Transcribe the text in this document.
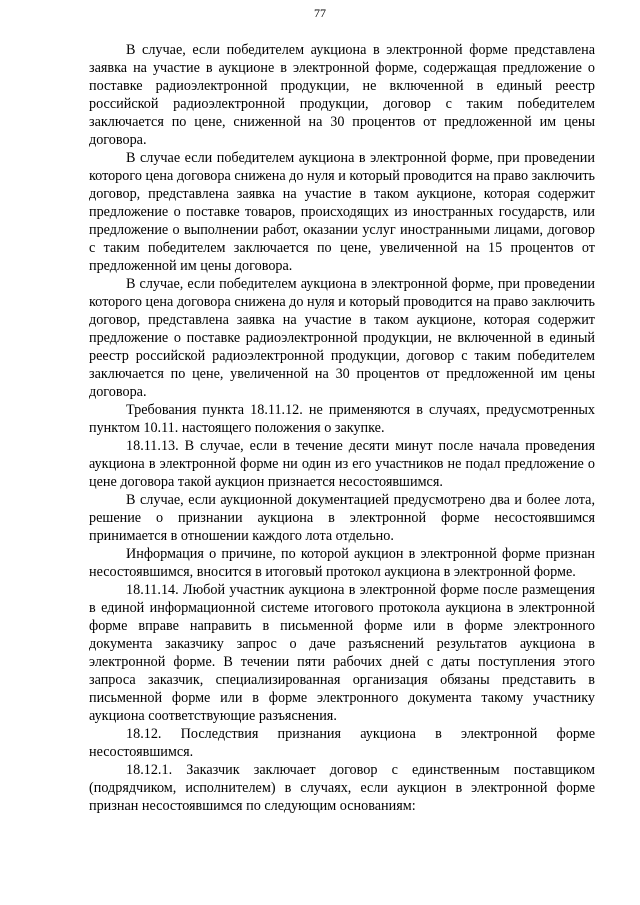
77

В случае, если победителем аукциона в электронной форме представлена заявка на участие в аукционе в электронной форме, содержащая предложение о поставке радиоэлектронной продукции, не включенной в единый реестр российской радиоэлектронной продукции, договор с таким победителем заключается по цене, сниженной на 30 процентов от предложенной им цены договора.

В случае если победителем аукциона в электронной форме, при проведении которого цена договора снижена до нуля и который проводится на право заключить договор, представлена заявка на участие в таком аукционе, которая содержит предложение о поставке товаров, происходящих из иностранных государств, или предложение о выполнении работ, оказании услуг иностранными лицами, договор с таким победителем заключается по цене, увеличенной на 15 процентов от предложенной им цены договора.

В случае, если победителем аукциона в электронной форме, при проведении которого цена договора снижена до нуля и который проводится на право заключить договор, представлена заявка на участие в таком аукционе, которая содержит предложение о поставке радиоэлектронной продукции, не включенной в единый реестр российской радиоэлектронной продукции, договор с таким победителем заключается по цене, увеличенной на 30 процентов от предложенной им цены договора.

Требования пункта 18.11.12. не применяются в случаях, предусмотренных пунктом 10.11. настоящего положения о закупке.

18.11.13. В случае, если в течение десяти минут после начала проведения аукциона в электронной форме ни один из его участников не подал предложение о цене договора такой аукцион признается несостоявшимся.

В случае, если аукционной документацией предусмотрено два и более лота, решение о признании аукциона в электронной форме несостоявшимся принимается в отношении каждого лота отдельно.

Информация о причине, по которой аукцион в электронной форме признан несостоявшимся, вносится в итоговый протокол аукциона в электронной форме.

18.11.14. Любой участник аукциона в электронной форме после размещения в единой информационной системе итогового протокола аукциона в электронной форме вправе направить в письменной форме или в форме электронного документа заказчику запрос о даче разъяснений результатов аукциона в электронной форме. В течении пяти рабочих дней с даты поступления этого запроса заказчик, специализированная организация обязаны представить в письменной форме или в форме электронного документа такому участнику аукциона соответствующие разъяснения.

18.12. Последствия признания аукциона в электронной форме несостоявшимся.

18.12.1. Заказчик заключает договор с единственным поставщиком (подрядчиком, исполнителем) в случаях, если аукцион в электронной форме признан несостоявшимся по следующим основаниям:
